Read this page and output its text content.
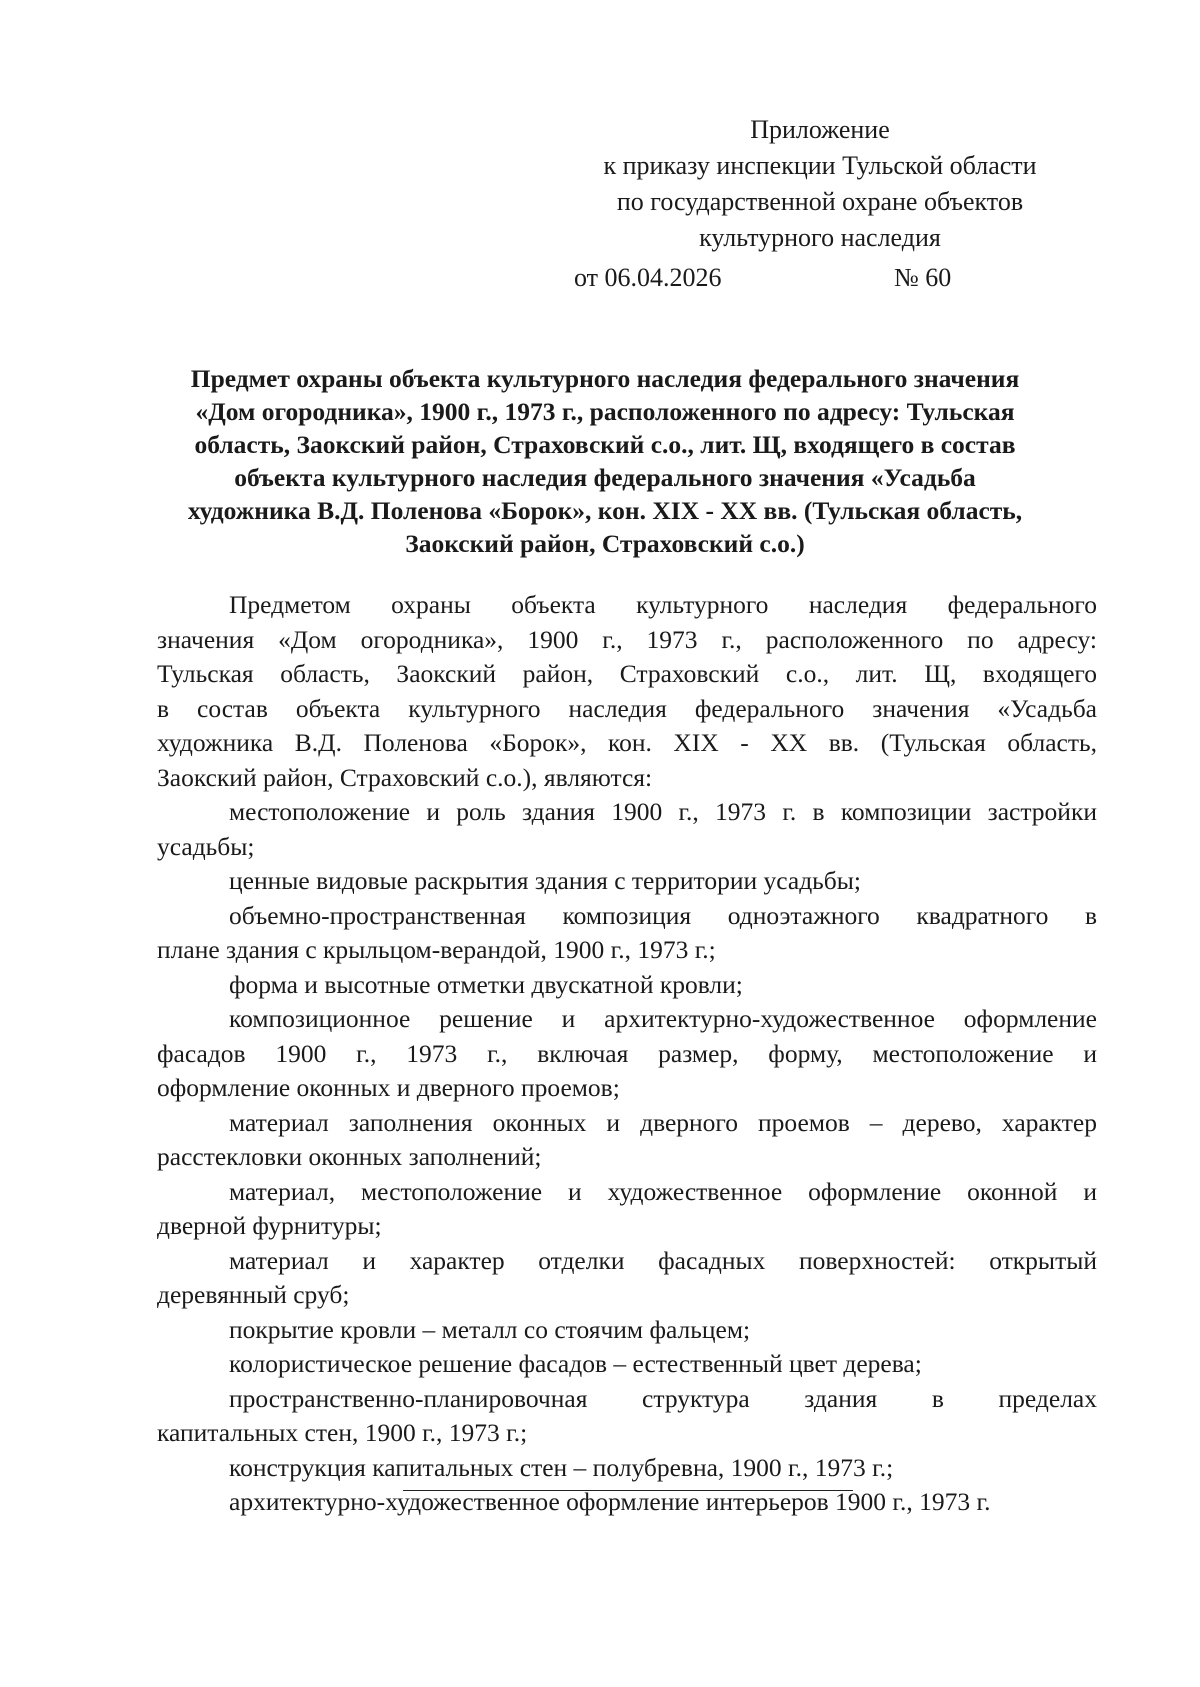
Приложение
к приказу инспекции Тульской области
по государственной охране объектов
культурного наследия
от 06.04.2026	№ 60
Предмет охраны объекта культурного наследия федерального значения
«Дом огородника», 1900 г., 1973 г., расположенного по адресу: Тульская
область, Заокский район, Страховский с.о., лит. Щ, входящего в состав
объекта культурного наследия федерального значения «Усадьба
художника В.Д. Поленова «Борок», кон. XIX - XX вв. (Тульская область,
Заокский район, Страховский с.о.)
Предметом охраны объекта культурного наследия федерального
значения «Дом огородника», 1900 г., 1973 г., расположенного по адресу:
Тульская область, Заокский район, Страховский с.о., лит. Щ, входящего
в состав объекта культурного наследия федерального значения «Усадьба
художника В.Д. Поленова «Борок», кон. XIX - XX вв. (Тульская область,
Заокский район, Страховский с.о.), являются:
местоположение и роль здания 1900 г., 1973 г. в композиции застройки
усадьбы;
ценные видовые раскрытия здания с территории усадьбы;
объемно-пространственная композиция одноэтажного квадратного в
плане здания с крыльцом-верандой, 1900 г., 1973 г.;
форма и высотные отметки двускатной кровли;
композиционное решение и архитектурно-художественное оформление
фасадов 1900 г., 1973 г., включая размер, форму, местоположение и
оформление оконных и дверного проемов;
материал заполнения оконных и дверного проемов – дерево, характер
расстекловки оконных заполнений;
материал, местоположение и художественное оформление оконной и
дверной фурнитуры;
материал и характер отделки фасадных поверхностей: открытый
деревянный сруб;
покрытие кровли – металл со стоячим фальцем;
колористическое решение фасадов – естественный цвет дерева;
пространственно-планировочная структура здания в пределах
капитальных стен, 1900 г., 1973 г.;
конструкция капитальных стен – полубревна, 1900 г., 1973 г.;
архитектурно-художественное оформление интерьеров 1900 г., 1973 г.
